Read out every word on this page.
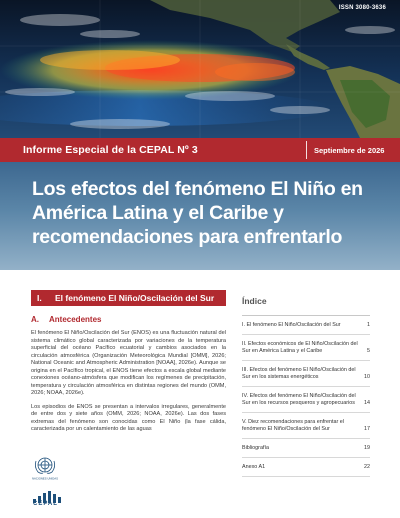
ISSN 3080-3636
Informe Especial de la CEPAL Nº 3	Septiembre de 2026
Los efectos del fenómeno El Niño en América Latina y el Caribe y recomendaciones para enfrentarlo
I.	El fenómeno El Niño/Oscilación del Sur
A.	Antecedentes

El fenómeno El Niño/Oscilación del Sur (ENOS) es una fluctuación natural del sistema climático global caracterizada por variaciones de la temperatura superficial del océano Pacífico ecuatorial y cambios asociados en la circulación atmosférica (Organización Meteorológica Mundial [OMM], 2026; National Oceanic and Atmospheric Administration [NOAA], 2026e). Aunque se origina en el Pacífico tropical, el ENOS tiene efectos a escala global mediante conexiones océano-atmósfera que modifican los regímenes de precipitación, temperatura y circulación atmosférica en distintas regiones del mundo (OMM, 2026; NOAA, 2026e).

Los episodios de ENOS se presentan a intervalos irregulares, generalmente de entre dos y siete años (OMM, 2026; NOAA, 2026e). Las dos fases extremas del fenómeno son conocidas como El Niño (la fase cálida, caracterizada por un calentamiento de las aguas

Índice
I. El fenómeno El Niño/Oscilación del Sur	1
II. Efectos económicos de El Niño/Oscilación del Sur en América Latina y el Caribe	5
III. Efectos del fenómeno El Niño/Oscilación del Sur en los sistemas energéticos	10
IV. Efectos del fenómeno El Niño/Oscilación del Sur en los recursos pesqueros y agropecuarios	14
V. Diez recomendaciones para enfrentar el fenómeno El Niño/Oscilación del Sur	17
Bibliografía	19
Anexo A1	22
NACIONES UNIDAS
CEPAL
